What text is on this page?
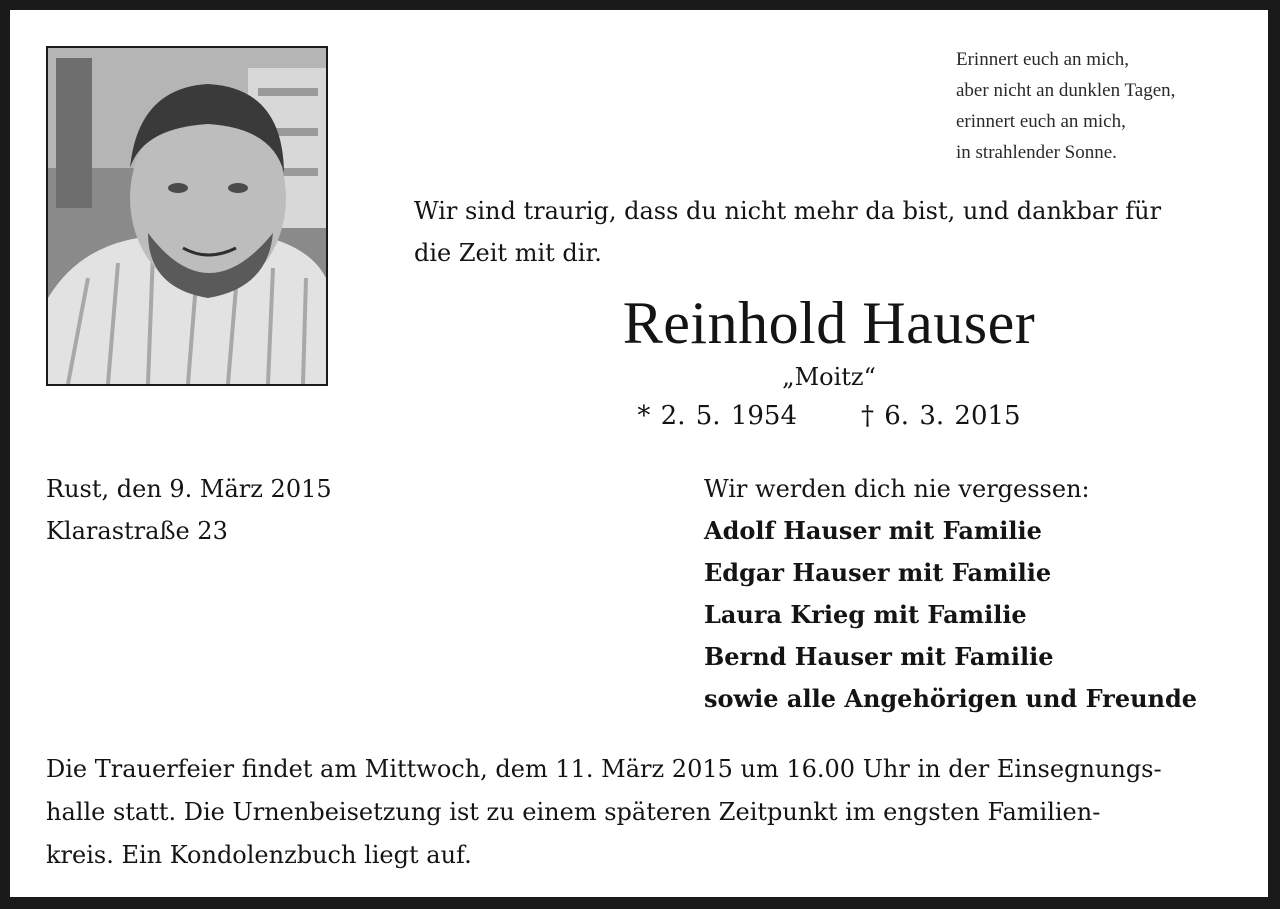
Erinnert euch an mich,
aber nicht an dunklen Tagen,
erinnert euch an mich,
in strahlender Sonne.
Wir sind traurig, dass du nicht mehr da bist, und dankbar für
die Zeit mit dir.
Reinhold Hauser
„Moitz“
* 2. 5. 1954 † 6. 3. 2015
Rust, den 9. März 2015
Klarastraße 23
Wir werden dich nie vergessen:
Adolf Hauser mit Familie
Edgar Hauser mit Familie
Laura Krieg mit Familie
Bernd Hauser mit Familie
sowie alle Angehörigen und Freunde
Die Trauerfeier findet am Mittwoch, dem 11. März 2015 um 16.00 Uhr in der Einsegnungs-
halle statt. Die Urnenbeisetzung ist zu einem späteren Zeitpunkt im engsten Familien-
kreis. Ein Kondolenzbuch liegt auf.
